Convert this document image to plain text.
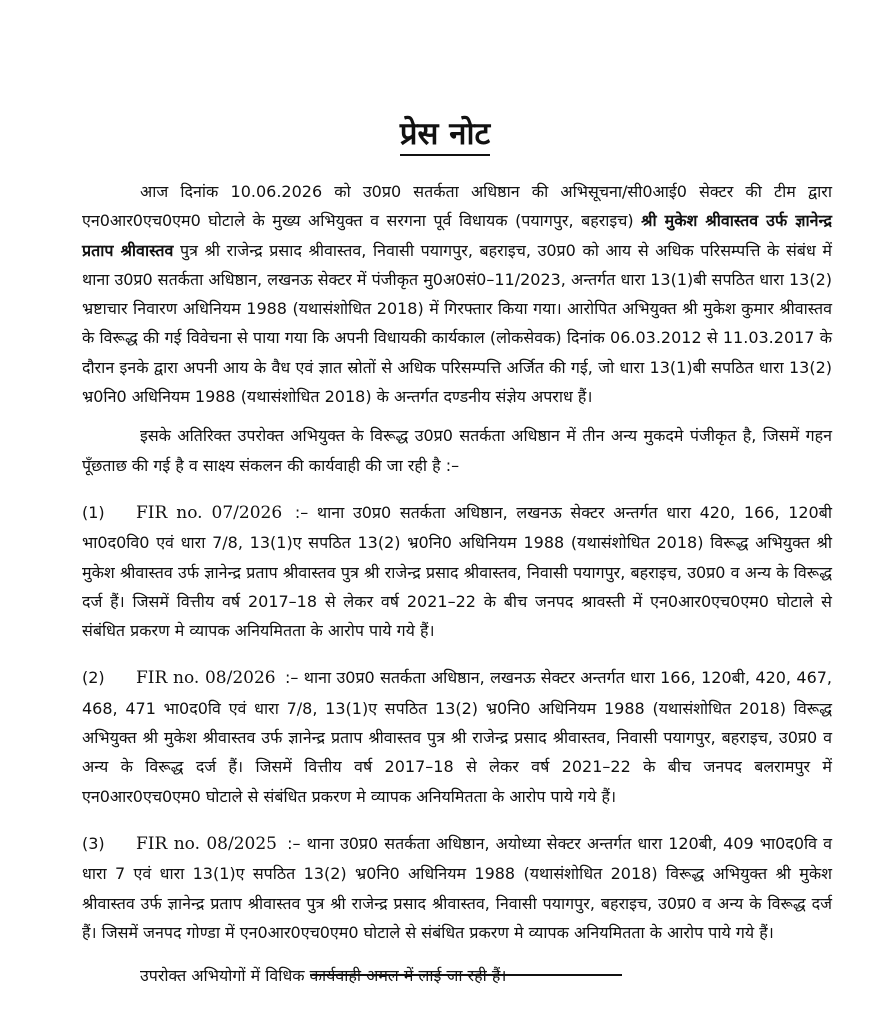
प्रेस नोट

आज दिनांक 10.06.2026 को उ0प्र0 सतर्कता अधिष्ठान की अभिसूचना/सी0आई0 सेक्टर की टीम द्वारा एन0आर0एच0एम0 घोटाले के मुख्य अभियुक्त व सरगना पूर्व विधायक (पयागपुर, बहराइच) श्री मुकेश श्रीवास्तव उर्फ ज्ञानेन्द्र प्रताप श्रीवास्तव पुत्र श्री राजेन्द्र प्रसाद श्रीवास्तव, निवासी पयागपुर, बहराइच, उ0प्र0 को आय से अधिक परिसम्पत्ति के संबंध में थाना उ0प्र0 सतर्कता अधिष्ठान, लखनऊ सेक्टर में पंजीकृत मु0अ0सं0–11/2023, अन्तर्गत धारा 13(1)बी सपठित धारा 13(2) भ्रष्टाचार निवारण अधिनियम 1988 (यथासंशोधित 2018) में गिरफ्तार किया गया। आरोपित अभियुक्त श्री मुकेश कुमार श्रीवास्तव के विरूद्ध की गई विवेचना से पाया गया कि अपनी विधायकी कार्यकाल (लोकसेवक) दिनांक 06.03.2012 से 11.03.2017 के दौरान इनके द्वारा अपनी आय के वैध एवं ज्ञात स्रोतों से अधिक परिसम्पत्ति अर्जित की गई, जो धारा 13(1)बी सपठित धारा 13(2) भ्र0नि0 अधिनियम 1988 (यथासंशोधित 2018) के अन्तर्गत दण्डनीय संज्ञेय अपराध हैं।

इसके अतिरिक्त उपरोक्त अभियुक्त के विरूद्ध उ0प्र0 सतर्कता अधिष्ठान में तीन अन्य मुकदमे पंजीकृत है, जिसमें गहन पूँछताछ की गई है व साक्ष्य संकलन की कार्यवाही की जा रही है :–

(1) FIR no. 07/2026 :– थाना उ0प्र0 सतर्कता अधिष्ठान, लखनऊ सेक्टर अन्तर्गत धारा 420, 166, 120बी भा0द0वि0 एवं धारा 7/8, 13(1)ए सपठित 13(2) भ्र0नि0 अधिनियम 1988 (यथासंशोधित 2018) विरूद्ध अभियुक्त श्री मुकेश श्रीवास्तव उर्फ ज्ञानेन्द्र प्रताप श्रीवास्तव पुत्र श्री राजेन्द्र प्रसाद श्रीवास्तव, निवासी पयागपुर, बहराइच, उ0प्र0 व अन्य के विरूद्ध दर्ज हैं। जिसमें वित्तीय वर्ष 2017–18 से लेकर वर्ष 2021–22 के बीच जनपद श्रावस्ती में एन0आर0एच0एम0 घोटाले से संबंधित प्रकरण मे व्यापक अनियमितता के आरोप पाये गये हैं।

(2) FIR no. 08/2026 :– थाना उ0प्र0 सतर्कता अधिष्ठान, लखनऊ सेक्टर अन्तर्गत धारा 166, 120बी, 420, 467, 468, 471 भा0द0वि एवं धारा 7/8, 13(1)ए सपठित 13(2) भ्र0नि0 अधिनियम 1988 (यथासंशोधित 2018) विरूद्ध अभियुक्त श्री मुकेश श्रीवास्तव उर्फ ज्ञानेन्द्र प्रताप श्रीवास्तव पुत्र श्री राजेन्द्र प्रसाद श्रीवास्तव, निवासी पयागपुर, बहराइच, उ0प्र0 व अन्य के विरूद्ध दर्ज हैं। जिसमें वित्तीय वर्ष 2017–18 से लेकर वर्ष 2021–22 के बीच जनपद बलरामपुर में एन0आर0एच0एम0 घोटाले से संबंधित प्रकरण मे व्यापक अनियमितता के आरोप पाये गये हैं।

(3) FIR no. 08/2025 :– थाना उ0प्र0 सतर्कता अधिष्ठान, अयोध्या सेक्टर अन्तर्गत धारा 120बी, 409 भा0द0वि व धारा 7 एवं धारा 13(1)ए सपठित 13(2) भ्र0नि0 अधिनियम 1988 (यथासंशोधित 2018) विरूद्ध अभियुक्त श्री मुकेश श्रीवास्तव उर्फ ज्ञानेन्द्र प्रताप श्रीवास्तव पुत्र श्री राजेन्द्र प्रसाद श्रीवास्तव, निवासी पयागपुर, बहराइच, उ0प्र0 व अन्य के विरूद्ध दर्ज हैं। जिसमें जनपद गोण्डा में एन0आर0एच0एम0 घोटाले से संबंधित प्रकरण मे व्यापक अनियमितता के आरोप पाये गये हैं।

उपरोक्त अभियोगों में विधिक कार्यवाही अमल में लाई जा रही हैं।
